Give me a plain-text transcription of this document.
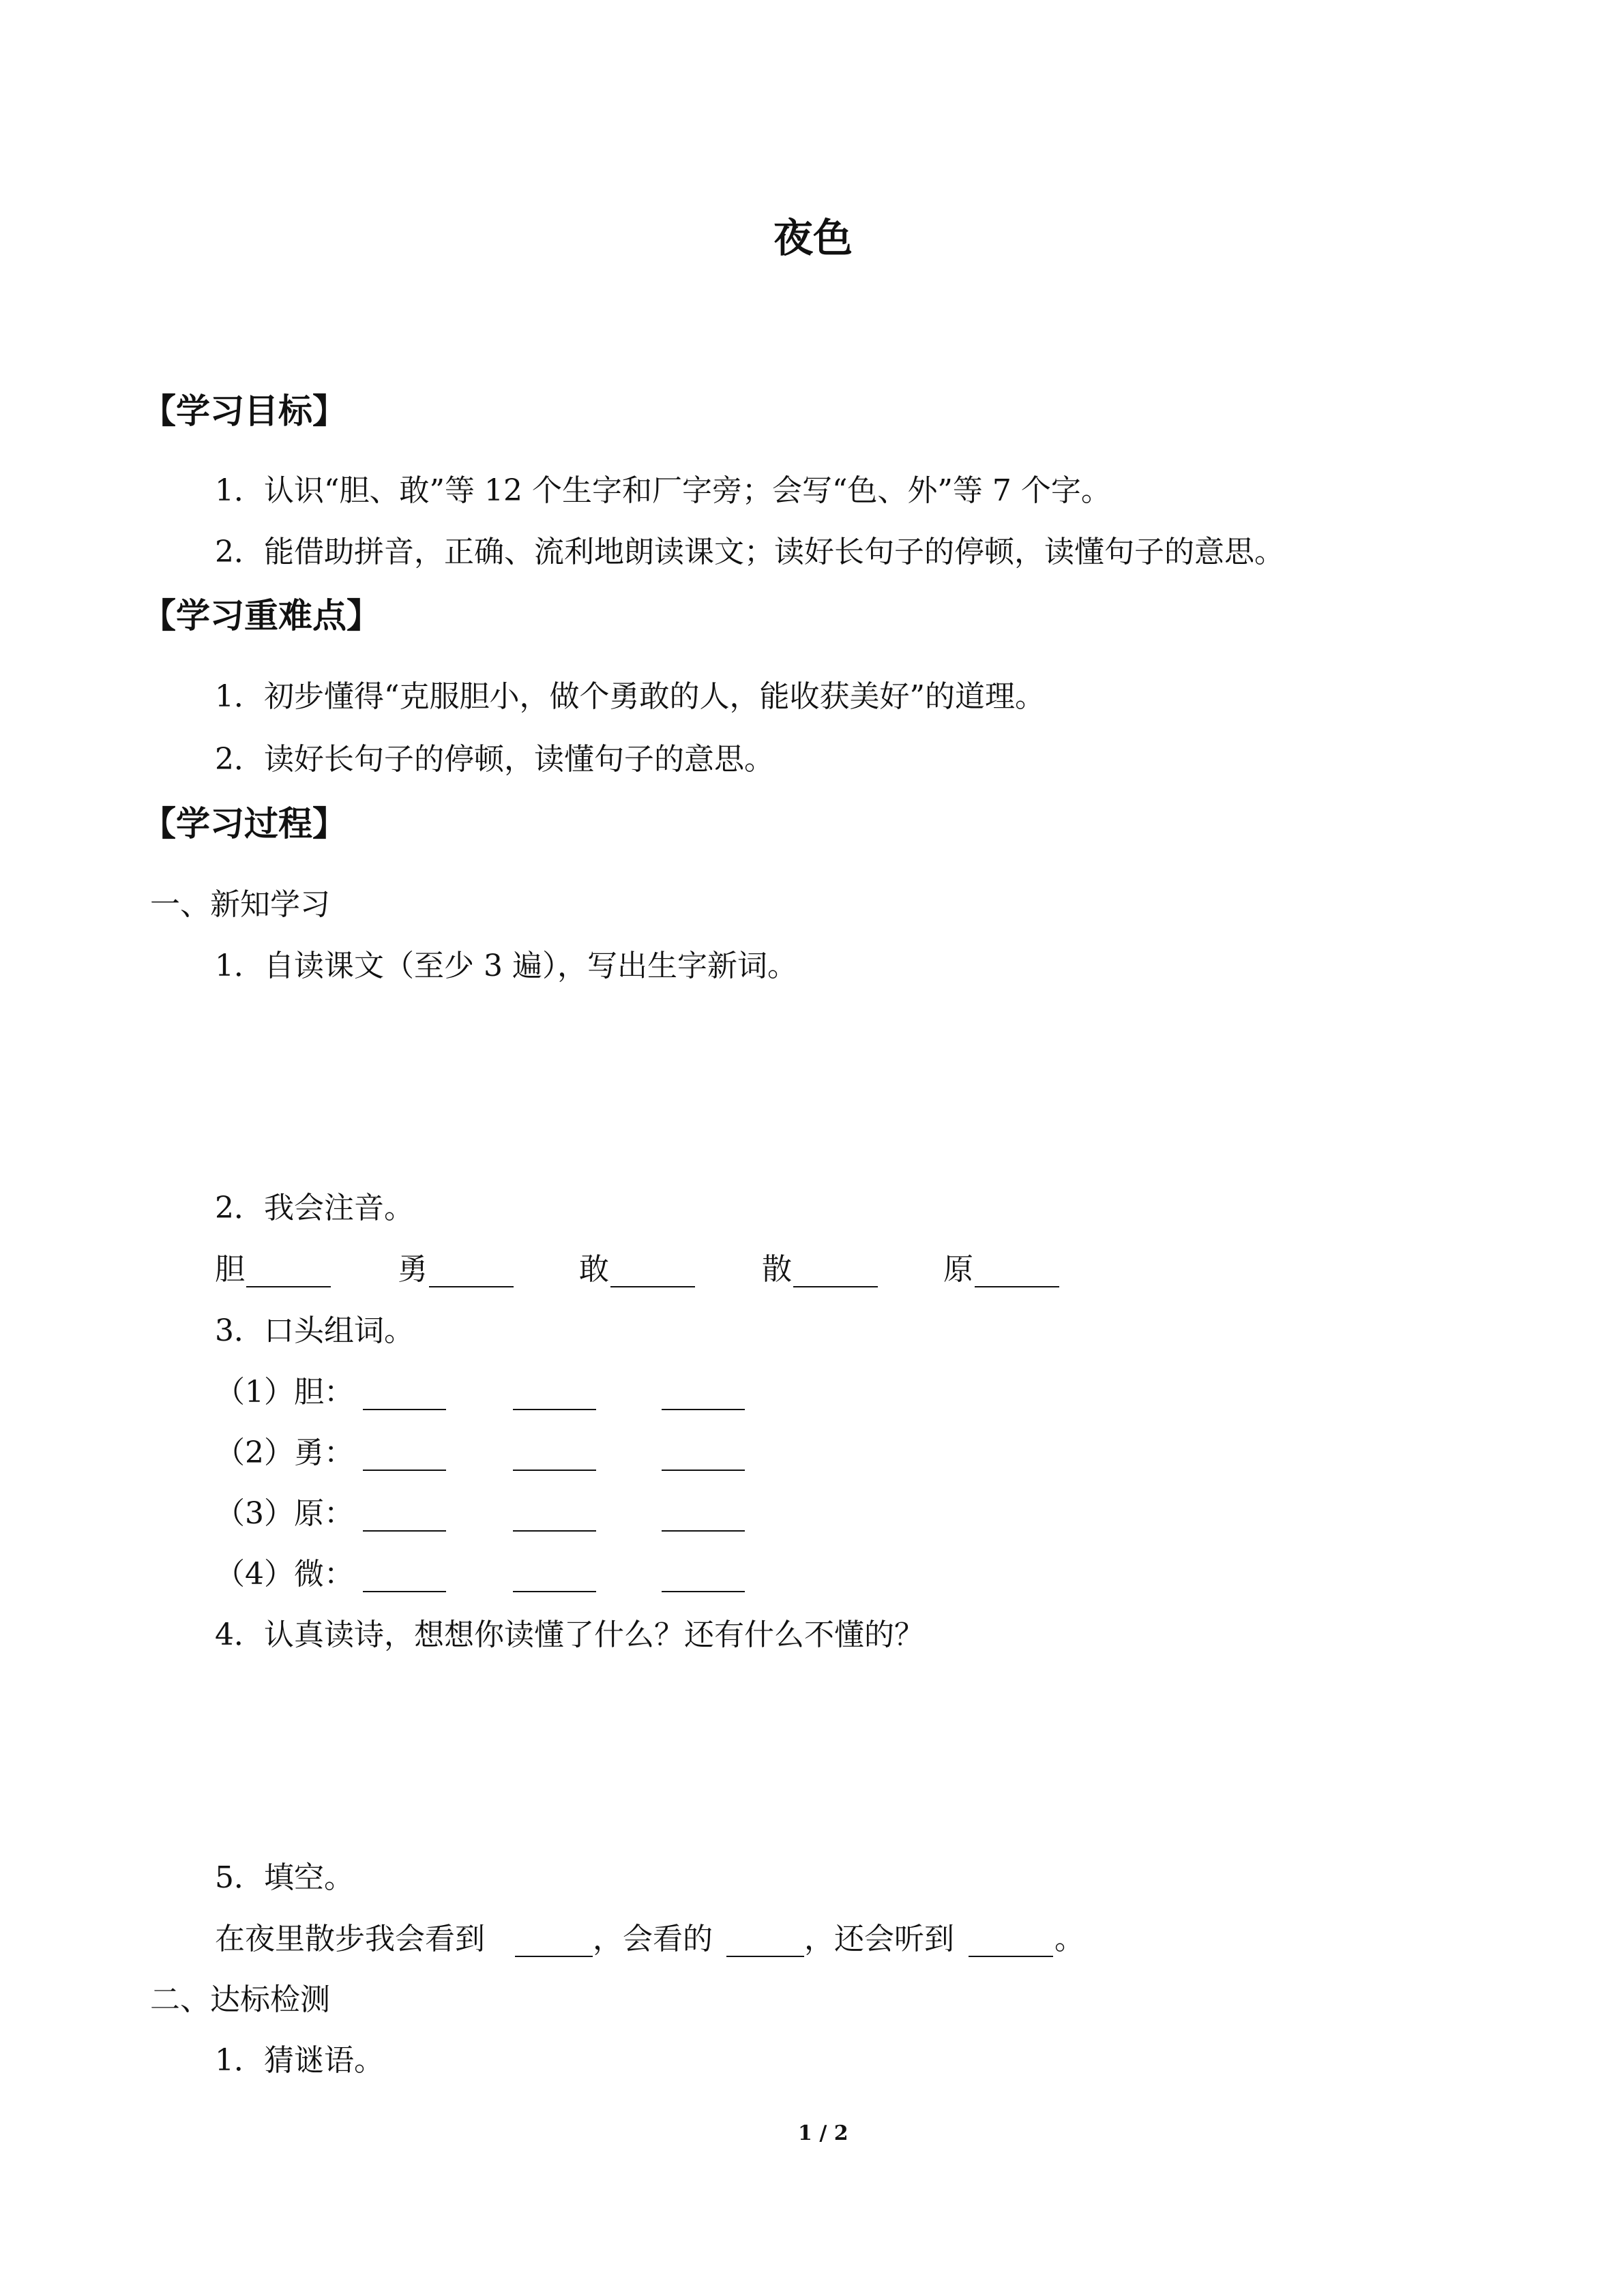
夜色
【学习目标】
1．认识“胆、敢”等 12 个生字和厂字旁；会写“色、外”等 7 个字。
2．能借助拼音，正确、流利地朗读课文；读好长句子的停顿，读懂句子的意思。
【学习重难点】
1．初步懂得“克服胆小，做个勇敢的人，能收获美好”的道理。
2．读好长句子的停顿，读懂句子的意思。
【学习过程】
一、新知学习
1．自读课文（至少 3 遍），写出生字新词。
2．我会注音。
胆	勇	敢	散	原
3．口头组词。
（1）胆：
（2）勇：
（3）原：
（4）微：
4．认真读诗，想想你读懂了什么？还有什么不懂的？
5．填空。
在夜里散步我会看到	，会看的	，还会听到	。
二、达标检测
1．猜谜语。
1 / 2
